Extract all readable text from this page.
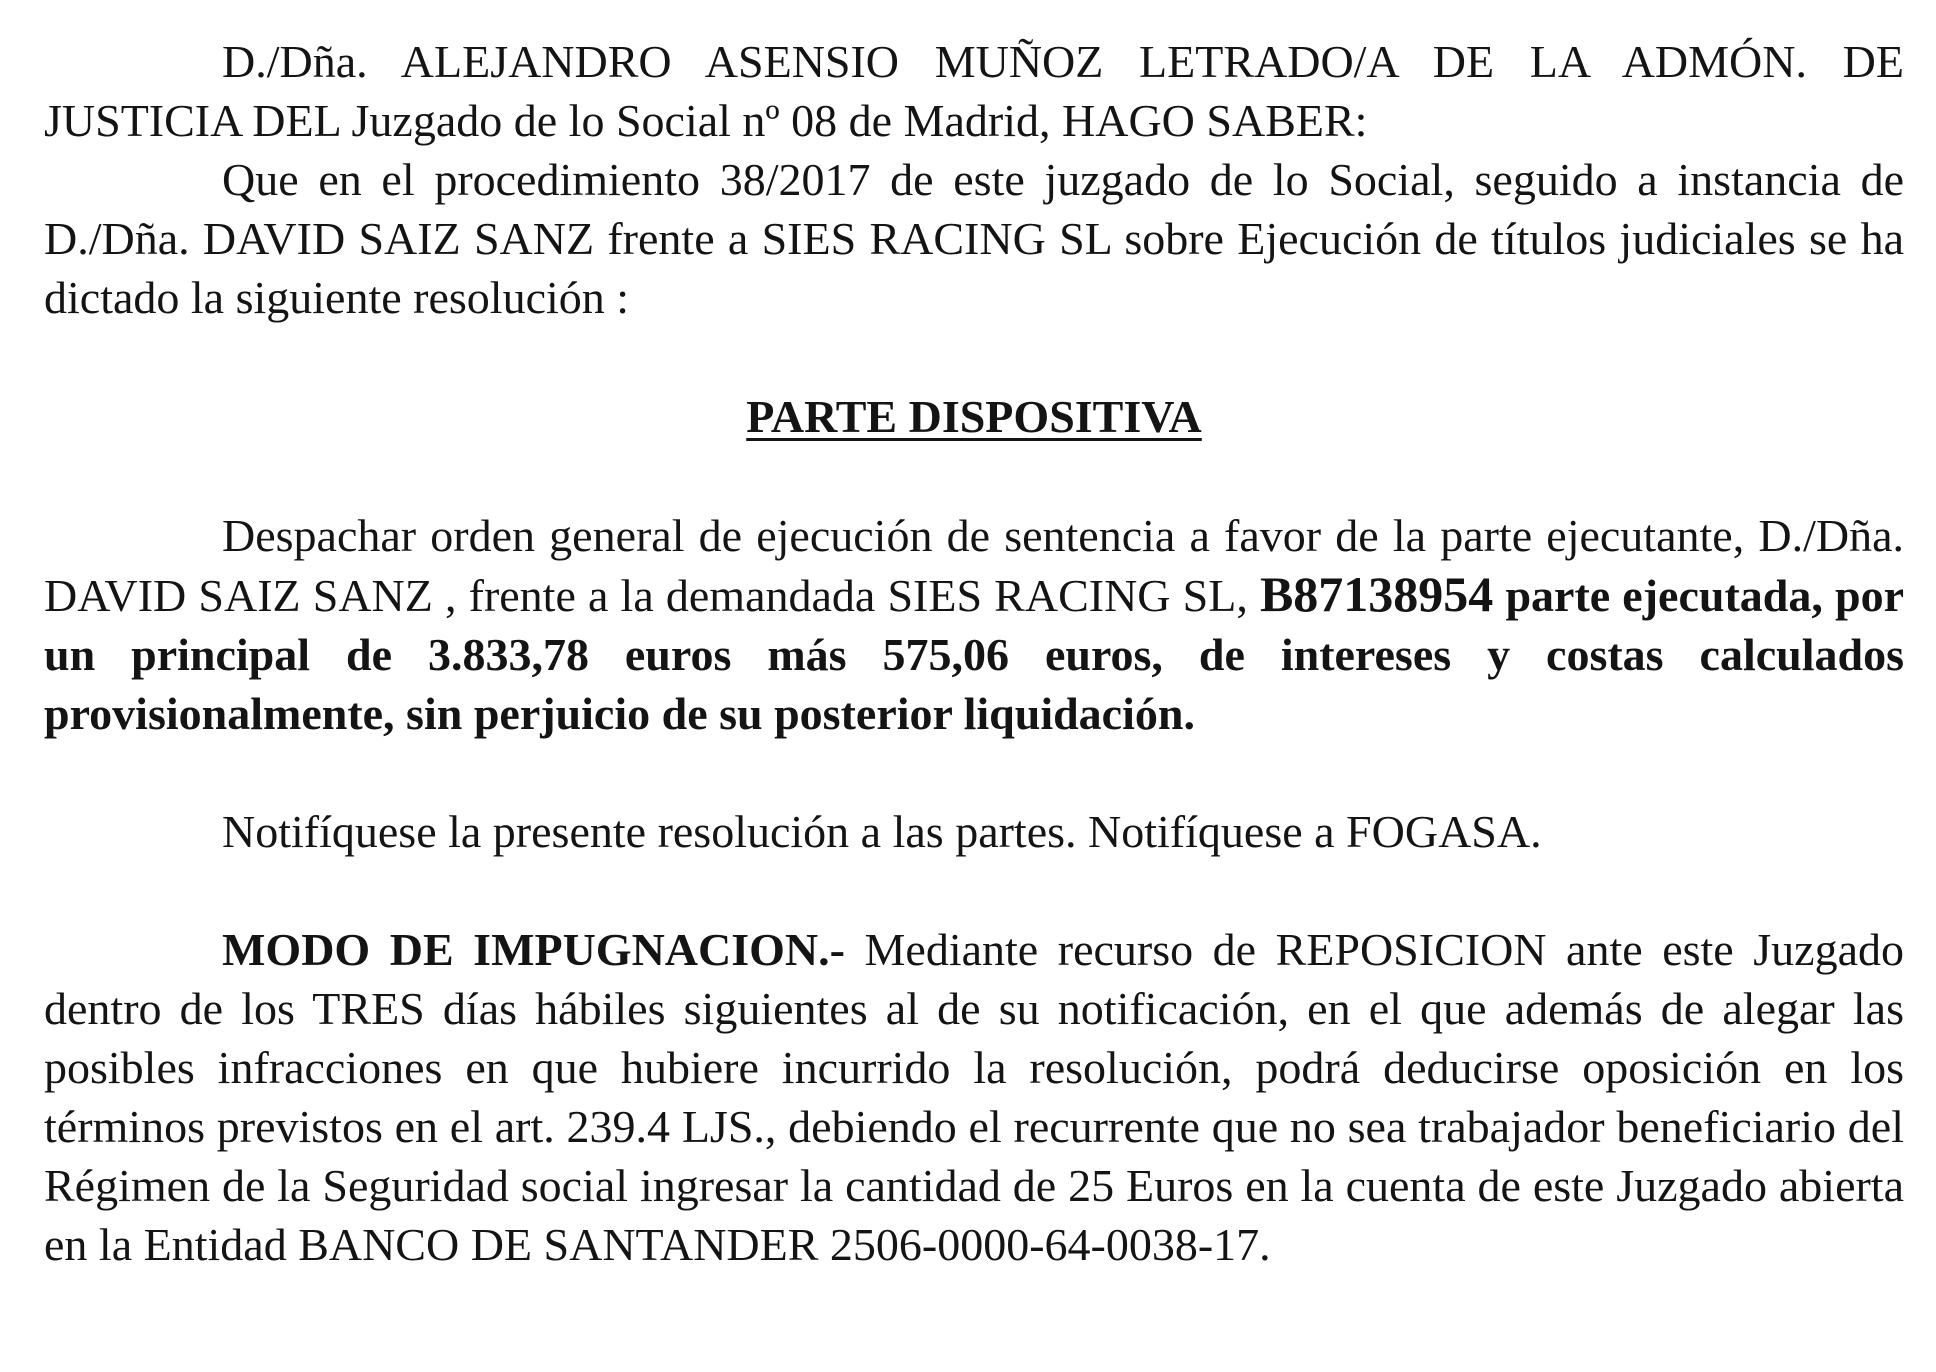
D./Dña. ALEJANDRO ASENSIO MUÑOZ LETRADO/A DE LA ADMÓN. DE JUSTICIA DEL Juzgado de lo Social nº 08 de Madrid, HAGO SABER:

Que en el procedimiento 38/2017 de este juzgado de lo Social, seguido a instancia de D./Dña. DAVID SAIZ SANZ frente a SIES RACING SL sobre Ejecución de títulos judiciales se ha dictado la siguiente resolución :

PARTE DISPOSITIVA

Despachar orden general de ejecución de sentencia a favor de la parte ejecutante, D./Dña. DAVID SAIZ SANZ , frente a la demandada SIES RACING SL, B87138954 parte ejecutada, por un principal de 3.833,78 euros más 575,06 euros, de intereses y costas calculados provisionalmente, sin perjuicio de su posterior liquidación.

Notifíquese la presente resolución a las partes. Notifíquese a FOGASA.

MODO DE IMPUGNACION.- Mediante recurso de REPOSICION ante este Juzgado dentro de los TRES días hábiles siguientes al de su notificación, en el que además de alegar las posibles infracciones en que hubiere incurrido la resolución, podrá deducirse oposición en los términos previstos en el art. 239.4 LJS., debiendo el recurrente que no sea trabajador beneficiario del Régimen de la Seguridad social ingresar la cantidad de 25 Euros en la cuenta de este Juzgado abierta en la Entidad BANCO DE SANTANDER 2506-0000-64-0038-17.
